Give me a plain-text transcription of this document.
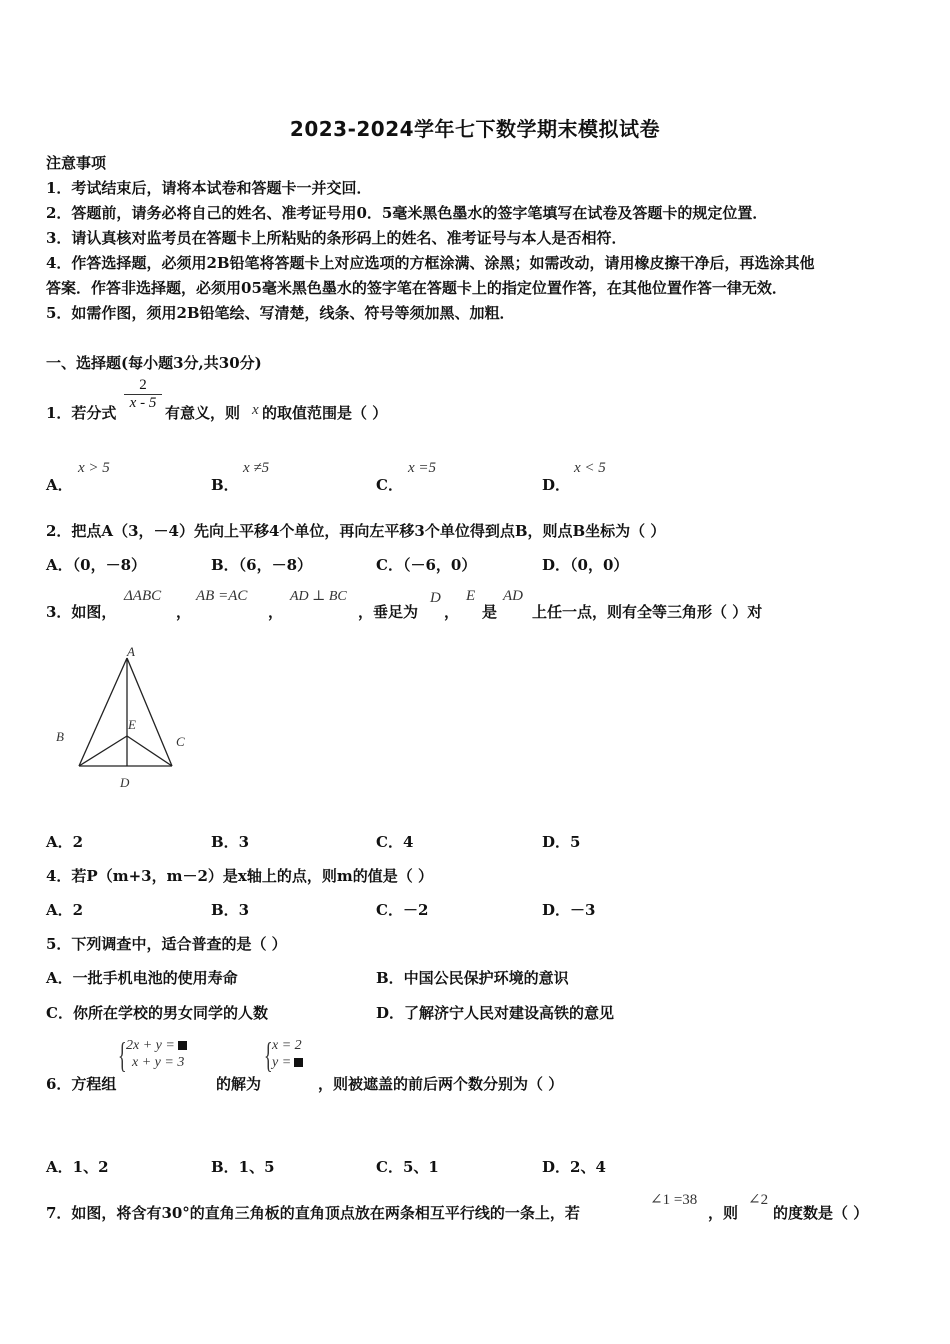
2023-2024学年七下数学期末模拟试卷
注意事项
1．考试结束后，请将本试卷和答题卡一并交回．
2．答题前，请务必将自己的姓名、准考证号用0．5毫米黑色墨水的签字笔填写在试卷及答题卡的规定位置．
3．请认真核对监考员在答题卡上所粘贴的条形码上的姓名、准考证号与本人是否相符．
4．作答选择题，必须用2B铅笔将答题卡上对应选项的方框涂满、涂黑；如需改动，请用橡皮擦干净后，再选涂其他
答案．作答非选择题，必须用05毫米黑色墨水的签字笔在答题卡上的指定位置作答，在其他位置作答一律无效．
5．如需作图，须用2B铅笔绘、写清楚，线条、符号等须加黑、加粗．
一、选择题(每小题3分,共30分)
1．若分式
$\frac{2}{x - 5}$
有意义，则 x 的取值范围是（ ）
A．
x > 5
B．
x ≠5
C．
x =5
D．
x < 5
2．把点A（3，－4）先向上平移4个单位，再向左平移3个单位得到点B，则点B坐标为（ ）
A．（0，－8）	B．（6，－8）	C．（－6，0）	D．（0，0）
3．如图，
ΔABC
，
AB =AC
，
AD ⊥ BC
，垂足为
D
，
E
是
AD
上任一点，则有全等三角形（ ）对
A
B	C
D
E
A．2	B．3	C．4	D．5
4．若P（m+3，m－2）是x轴上的点，则m的值是（ ）
A．2	B．3	C．－2	D．－3
5．下列调查中，适合普查的是（ ）
A．一批手机电池的使用寿命	B．中国公民保护环境的意识
C．你所在学校的男女同学的人数	D．了解济宁人民对建设高铁的意见
6．方程组
{ 2x + y =
x + y = 3
的解为
{ x = 2
y =
，则被遮盖的前后两个数分别为（ ）
A．1、2	B．1、5	C．5、1	D．2、4
7．如图，将含有30°的直角三角板的直角顶点放在两条相互平行线的一条上，若
∠1 =38
，则
∠2
的度数是（ ）
